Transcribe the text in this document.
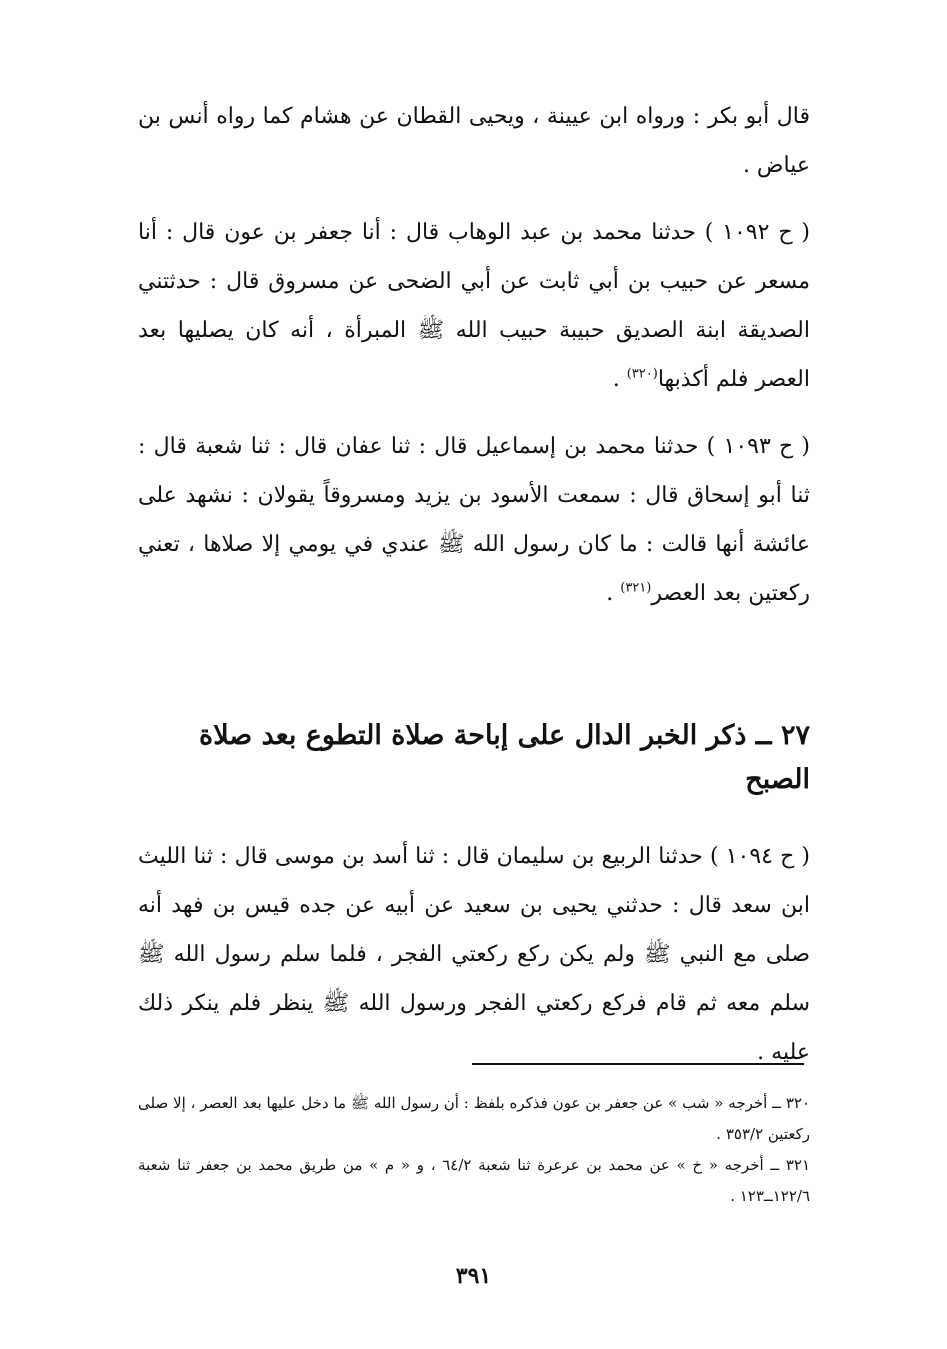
قال أبو بكر : ورواه ابن عيينة ، ويحيى القطان عن هشام كما رواه أنس بن عياض .

( ح ١٠٩٢ ) حدثنا محمد بن عبد الوهاب قال : أنا جعفر بن عون قال : أنا مسعر عن حبيب بن أبي ثابت عن أبي الضحى عن مسروق قال : حدثتني الصديقة ابنة الصديق حبيبة حبيب الله ﷺ المبرأة ، أنه كان يصليها بعد العصر فلم أكذبها$^{(٣٢٠)}$ .

( ح ١٠٩٣ ) حدثنا محمد بن إسماعيل قال : ثنا عفان قال : ثنا شعبة قال : ثنا أبو إسحاق قال : سمعت الأسود بن يزيد ومسروقاً يقولان : نشهد على عائشة أنها قالت : ما كان رسول الله ﷺ عندي في يومي إلا صلاها ، تعني ركعتين بعد العصر$^{(٣٢١)}$ .

٢٧ ــ ذكر الخبر الدال على إباحة صلاة التطوع بعد صلاة الصبح

( ح ١٠٩٤ ) حدثنا الربيع بن سليمان قال : ثنا أسد بن موسى قال : ثنا الليث ابن سعد قال : حدثني يحيى بن سعيد عن أبيه عن جده قيس بن فهد أنه صلى مع النبي ﷺ ولم يكن ركع ركعتي الفجر ، فلما سلم رسول الله ﷺ سلم معه ثم قام فركع ركعتي الفجر ورسول الله ﷺ ينظر فلم ينكر ذلك عليه .

٣٢٠ ــ أخرجه « شب » عن جعفر بن عون فذكره بلفظ : أن رسول الله ﷺ ما دخل عليها بعد العصر ، إلا صلى ركعتين ٣٥٣/٢ .

٣٢١ ــ أخرجه « خ » عن محمد بن عرعرة ثنا شعبة ٦٤/٢ ، و « م » من طريق محمد بن جعفر ثنا شعبة ١٢٢/٦ــ١٢٣ .

٣٩١
